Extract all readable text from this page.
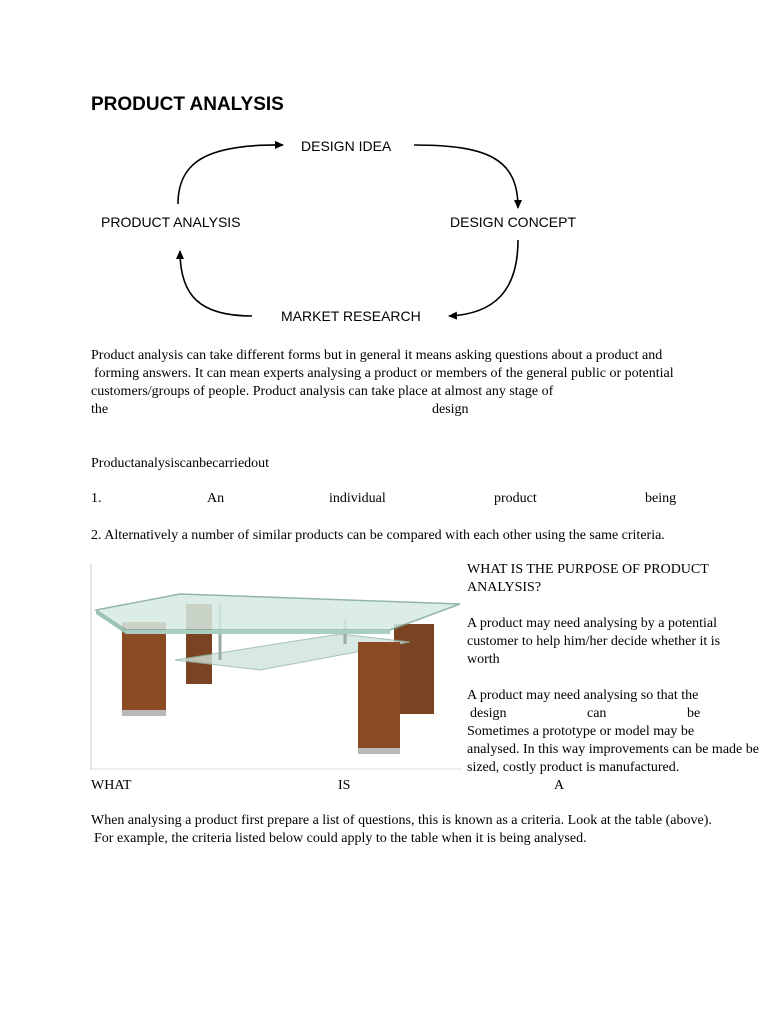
PRODUCT ANALYSIS
DESIGN IDEA
DESIGN CONCEPT
MARKET RESEARCH
PRODUCT ANALYSIS
Product analysis can take different forms but in general it means asking questions about a product and
forming answers. It can mean experts analysing a product or members of the general public or potential
customers/groups of people. Product analysis can take place at almost any stage of
the	design
Productanalysiscanbecarriedout
1.	An	individual	product	being
2. Alternatively a number of similar products can be compared with each other using the same criteria.
WHAT IS THE PURPOSE OF PRODUCT
ANALYSIS?
A product may need analysing by a potential
customer to help him/her decide whether it is
worth
A product may need analysing so that the
design	can	be
Sometimes a prototype or model may be
analysed. In this way improvements can be made be
sized, costly product is manufactured.
WHAT	IS	A
When analysing a product first prepare a list of questions, this is known as a criteria. Look at the table (above).
For example, the criteria listed below could apply to the table when it is being analysed.
